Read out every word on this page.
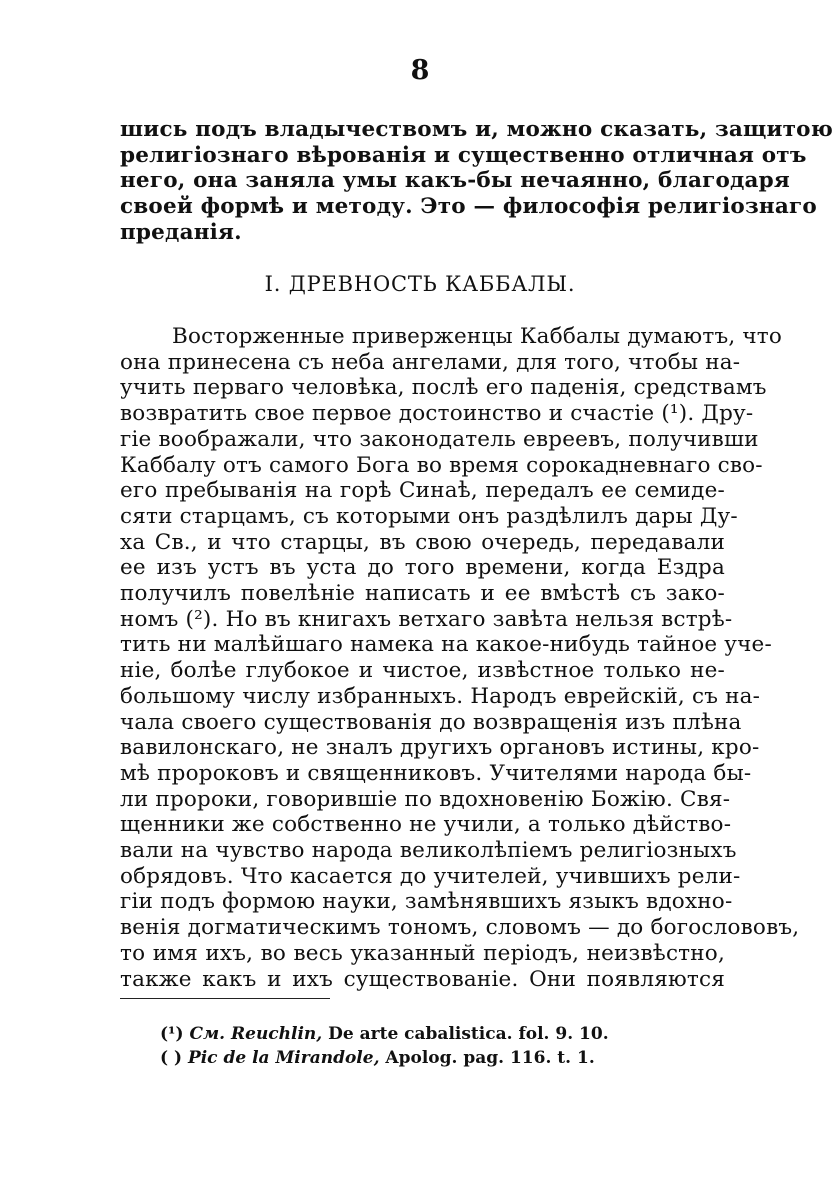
8
шись подъ владычествомъ и, можно сказать, защитою
религiознаго вѣрованiя и существенно отличная отъ
него, она заняла умы какъ-бы нечаянно, благодаря
своей формѣ и методу. Это — философiя религiознаго
преданiя.
I. ДРЕВНОСТЬ КАББАЛЫ.
Восторженные приверженцы Каббалы думаютъ, что
она принесена съ неба ангелами, для того, чтобы на-
учить перваго человѣка, послѣ его паденiя, средствамъ
возвратить свое первое достоинство и счастiе (¹). Дру-
гiе воображали, что законодатель евреевъ, получивши
Каббалу отъ самого Бога во время сорокадневнаго сво-
его пребыванiя на горѣ Синаѣ, передалъ ее семиде-
сяти старцамъ, съ которыми онъ раздѣлилъ дары Ду-
ха Св., и что старцы, въ свою очередь, передавали
ее изъ устъ въ уста до того времени, когда Ездра
получилъ повелѣнiе написать и ее вмѣстѣ съ зако-
номъ (²). Но въ книгахъ ветхаго завѣта нельзя встрѣ-
тить ни малѣйшаго намека на какое-нибудь тайное уче-
нiе, болѣе глубокое и чистое, извѣстное только не-
большому числу избранныхъ. Народъ еврейскiй, съ на-
чала своего существованiя до возвращенiя изъ плѣна
вавилонскаго, не зналъ другихъ органовъ истины, кро-
мѣ пророковъ и священниковъ. Учителями народа бы-
ли пророки, говорившiе по вдохновенiю Божiю. Свя-
щенники же собственно не учили, а только дѣйство-
вали на чувство народа великолѣпiемъ религiозныхъ
обрядовъ. Что касается до учителей, учившихъ рели-
гiи подъ формою науки, замѣнявшихъ языкъ вдохно-
венiя догматическимъ тономъ, словомъ — до богослововъ,
то имя ихъ, во весь указанный перiодъ, неизвѣстно,
также какъ и ихъ существованiе. Они появляются
(¹) Cм. Reuchlin, De arte cabalistica. fol. 9. 10.
( ) Pic de la Mirandole, Apolog. pag. 116. t. 1.
